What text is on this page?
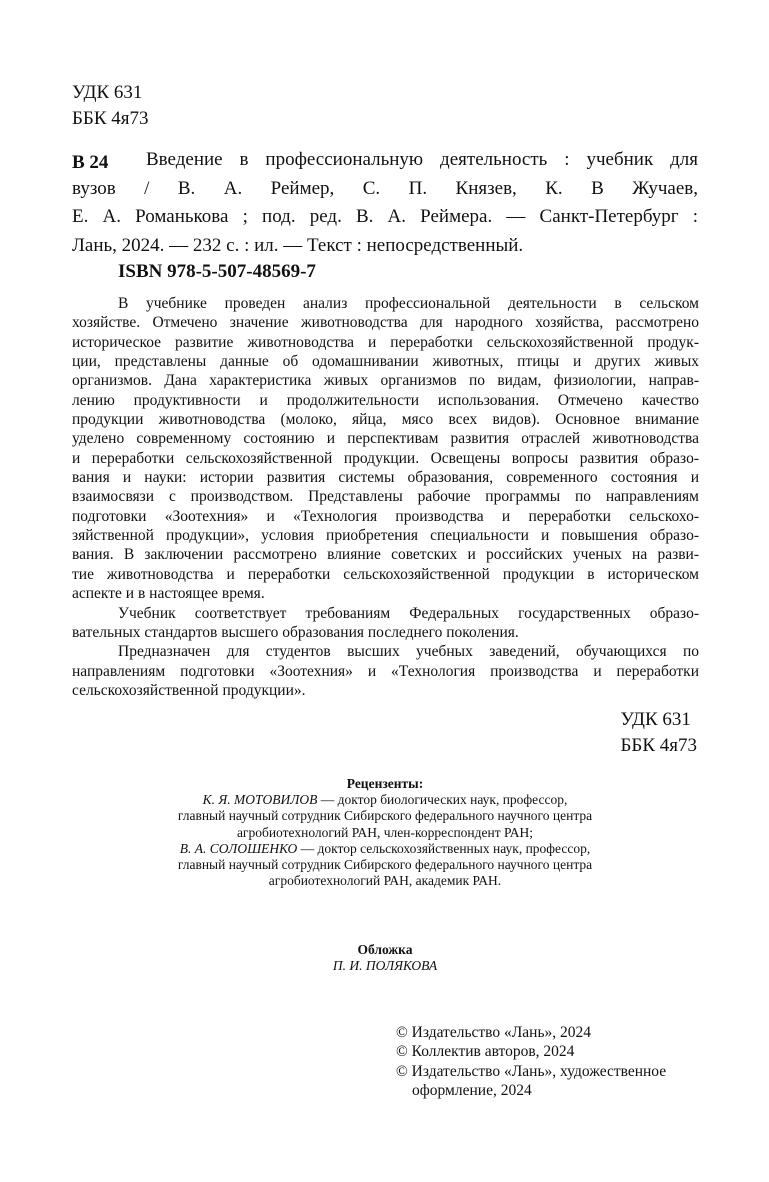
УДК 631
ББК 4я73
В 24	Введение в профессиональную деятельность : учебник для
вузов / В. А. Реймер, С. П. Князев, К. В Жучаев,
Е. А. Романькова ; под. ред. В. А. Реймера. — Санкт-Петербург :
Лань, 2024. — 232 с. : ил. — Текст : непосредственный.
ISBN 978-5-507-48569-7
В учебнике проведен анализ профессиональной деятельности в сельском
хозяйстве. Отмечено значение животноводства для народного хозяйства, рассмотрено
историческое развитие животноводства и переработки сельскохозяйственной продук-
ции, представлены данные об одомашнивании животных, птицы и других живых
организмов. Дана характеристика живых организмов по видам, физиологии, направ-
лению продуктивности и продолжительности использования. Отмечено качество
продукции животноводства (молоко, яйца, мясо всех видов). Основное внимание
уделено современному состоянию и перспективам развития отраслей животноводства
и переработки сельскохозяйственной продукции. Освещены вопросы развития образо-
вания и науки: истории развития системы образования, современного состояния и
взаимосвязи с производством. Представлены рабочие программы по направлениям
подготовки «Зоотехния» и «Технология производства и переработки сельскохо-
зяйственной продукции», условия приобретения специальности и повышения образо-
вания. В заключении рассмотрено влияние советских и российских ученых на разви-
тие животноводства и переработки сельскохозяйственной продукции в историческом
аспекте и в настоящее время.
Учебник соответствует требованиям Федеральных государственных образо-
вательных стандартов высшего образования последнего поколения.
Предназначен для студентов высших учебных заведений, обучающихся по
направлениям подготовки «Зоотехния» и «Технология производства и переработки
сельскохозяйственной продукции».
УДК 631
ББК 4я73
Рецензенты:
К. Я. МОТОВИЛОВ — доктор биологических наук, профессор,
главный научный сотрудник Сибирского федерального научного центра
агробиотехнологий РАН, член-корреспондент РАН;
В. А. СОЛОШЕНКО — доктор сельскохозяйственных наук, профессор,
главный научный сотрудник Сибирского федерального научного центра
агробиотехнологий РАН, академик РАН.
Обложка
П. И. ПОЛЯКОВА
© Издательство «Лань», 2024
© Коллектив авторов, 2024
© Издательство «Лань», художественное
оформление, 2024
